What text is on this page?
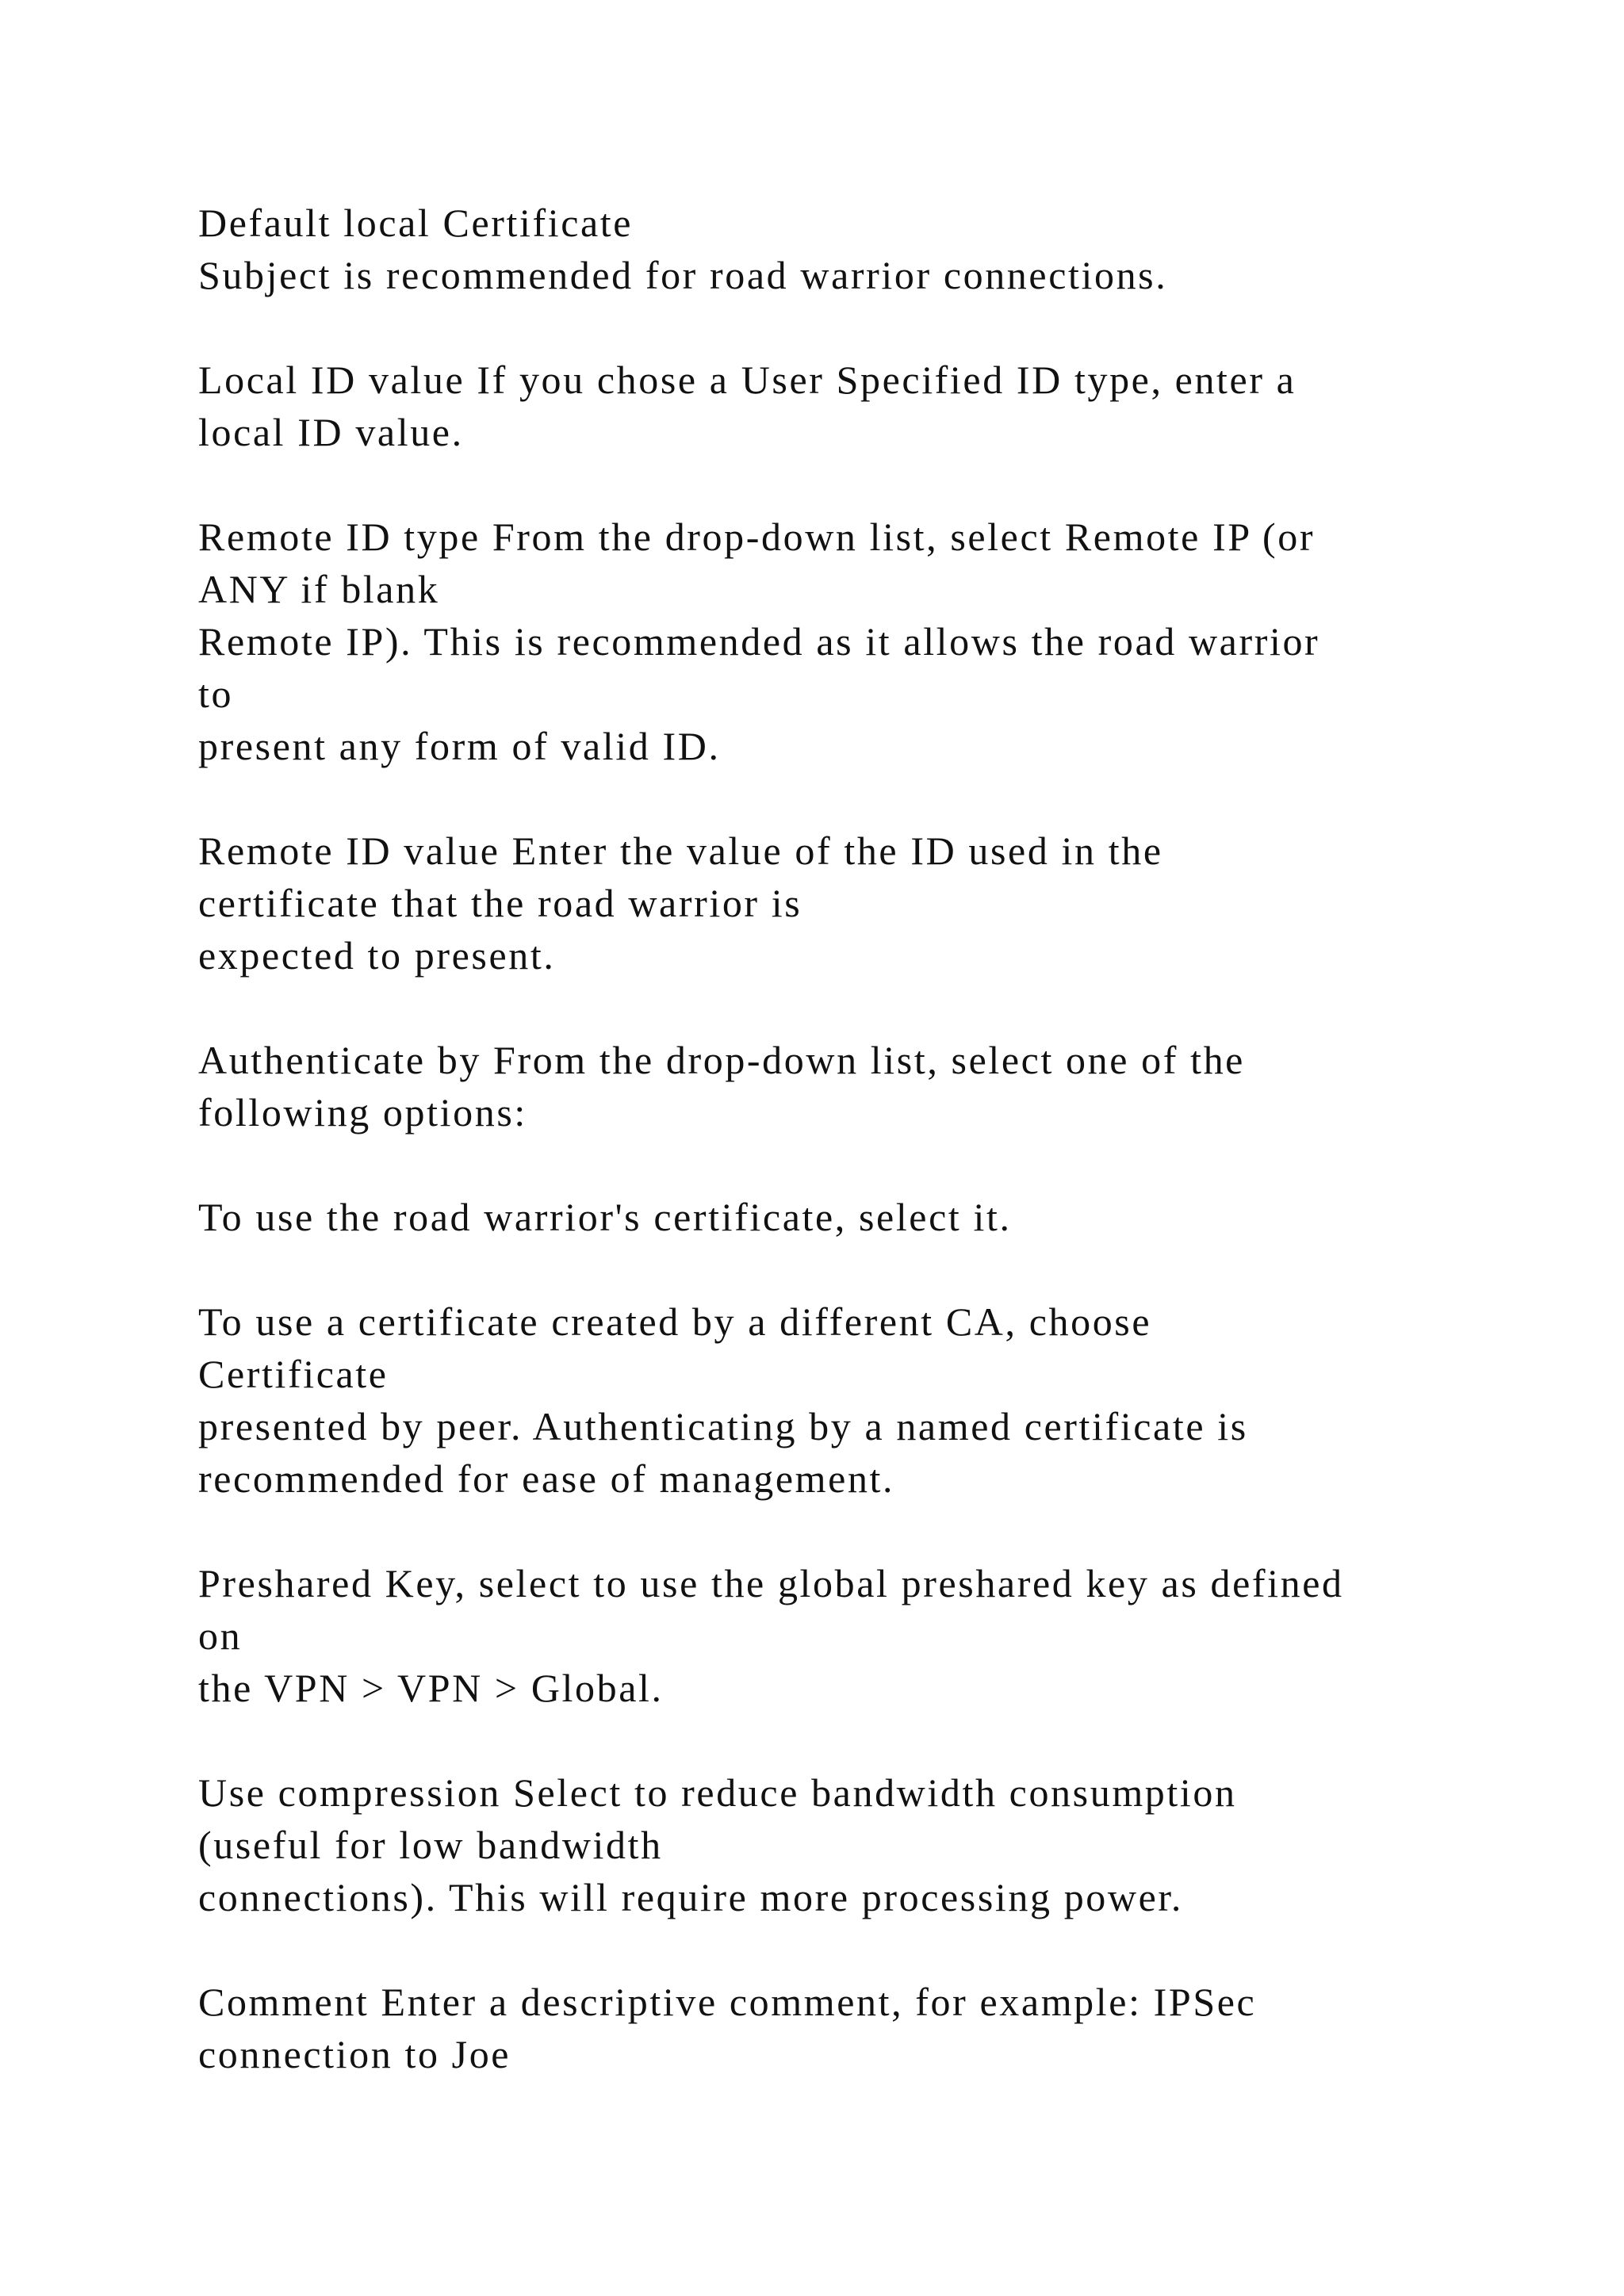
Default local Certificate
Subject is recommended for road warrior connections.
Local ID value If you chose a User Specified ID type, enter a
local ID value.
Remote ID type From the drop-down list, select Remote IP (or
ANY if blank
Remote IP). This is recommended as it allows the road warrior
to
present any form of valid ID.
Remote ID value Enter the value of the ID used in the
certificate that the road warrior is
expected to present.
Authenticate by From the drop-down list, select one of the
following options:
To use the road warrior's certificate, select it.
To use a certificate created by a different CA, choose
Certificate
presented by peer. Authenticating by a named certificate is
recommended for ease of management.
Preshared Key, select to use the global preshared key as defined
on
the VPN > VPN > Global.
Use compression Select to reduce bandwidth consumption
(useful for low bandwidth
connections). This will require more processing power.
Comment Enter a descriptive comment, for example: IPSec
connection to Joe
